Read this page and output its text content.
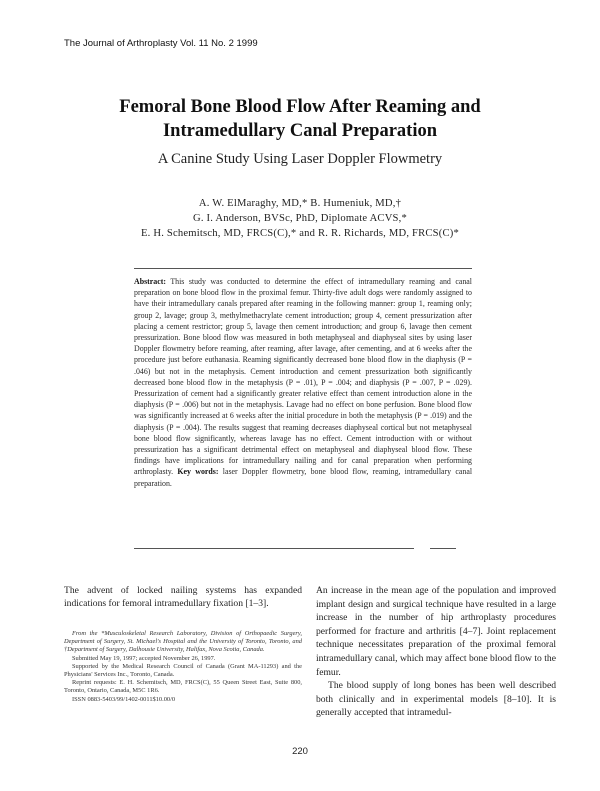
The Journal of Arthroplasty Vol. 11 No. 2 1999
Femoral Bone Blood Flow After Reaming and
Intramedullary Canal Preparation
A Canine Study Using Laser Doppler Flowmetry
A. W. ElMaraghy, MD,* B. Humeniuk, MD,†
G. I. Anderson, BVSc, PhD, Diplomate ACVS,*
E. H. Schemitsch, MD, FRCS(C),* and R. R. Richards, MD, FRCS(C)*
Abstract: This study was conducted to determine the effect of intramedullary reaming and canal preparation on bone blood flow in the proximal femur. Thirty-five adult dogs were randomly assigned to have their intramedullary canals prepared after reaming in the following manner: group 1, reaming only; group 2, lavage; group 3, methylmethacrylate cement introduction; group 4, cement pressurization after placing a cement restrictor; group 5, lavage then cement introduction; and group 6, lavage then cement pressurization. Bone blood flow was measured in both metaphyseal and diaphyseal sites by using laser Doppler flowmetry before reaming, after reaming, after lavage, after cementing, and at 6 weeks after the procedure just before euthanasia. Reaming significantly decreased bone blood flow in the diaphysis (P = .046) but not in the metaphysis. Cement introduction and cement pressurization both significantly decreased bone blood flow in the metaphysis (P = .01), P = .004; and diaphysis (P = .007, P = .029). Pressurization of cement had a significantly greater relative effect than cement introduction alone in the diaphysis (P = .006) but not in the metaphysis. Lavage had no effect on bone perfusion. Bone blood flow was significantly increased at 6 weeks after the initial procedure in both the metaphysis (P = .019) and the diaphysis (P = .004). The results suggest that reaming decreases diaphyseal cortical but not metaphyseal bone blood flow significantly, whereas lavage has no effect. Cement introduction with or without pressurization has a significant detrimental effect on metaphyseal and diaphyseal blood flow. These findings have implications for intramedullary nailing and for canal preparation when performing arthroplasty. Key words: laser Doppler flowmetry, bone blood flow, reaming, intramedullary canal preparation.

The advent of locked nailing systems has expanded indications for femoral intramedullary fixation [1–3].

From the *Musculoskeletal Research Laboratory, Division of Orthopaedic Surgery, Department of Surgery, St. Michael's Hospital and the University of Toronto, Toronto, and †Department of Surgery, Dalhousie University, Halifax, Nova Scotia, Canada.

Submitted May 19, 1997; accepted November 26, 1997.

Supported by the Medical Research Council of Canada (Grant MA-11293) and the Physicians' Services Inc., Toronto, Canada.

Reprint requests: E. H. Schemitsch, MD, FRCS(C), 55 Queen Street East, Suite 800, Toronto, Ontario, Canada, M5C 1R6.

ISSN 0883-5403/99/1402-0011$10.00/0

An increase in the mean age of the population and improved implant design and surgical technique have resulted in a large increase in the number of hip arthroplasty procedures performed for fracture and arthritis [4–7]. Joint replacement technique necessitates preparation of the proximal femoral intramedullary canal, which may affect bone blood flow to the femur.

The blood supply of long bones has been well described both clinically and in experimental models [8–10]. It is generally accepted that intramedul-

220
